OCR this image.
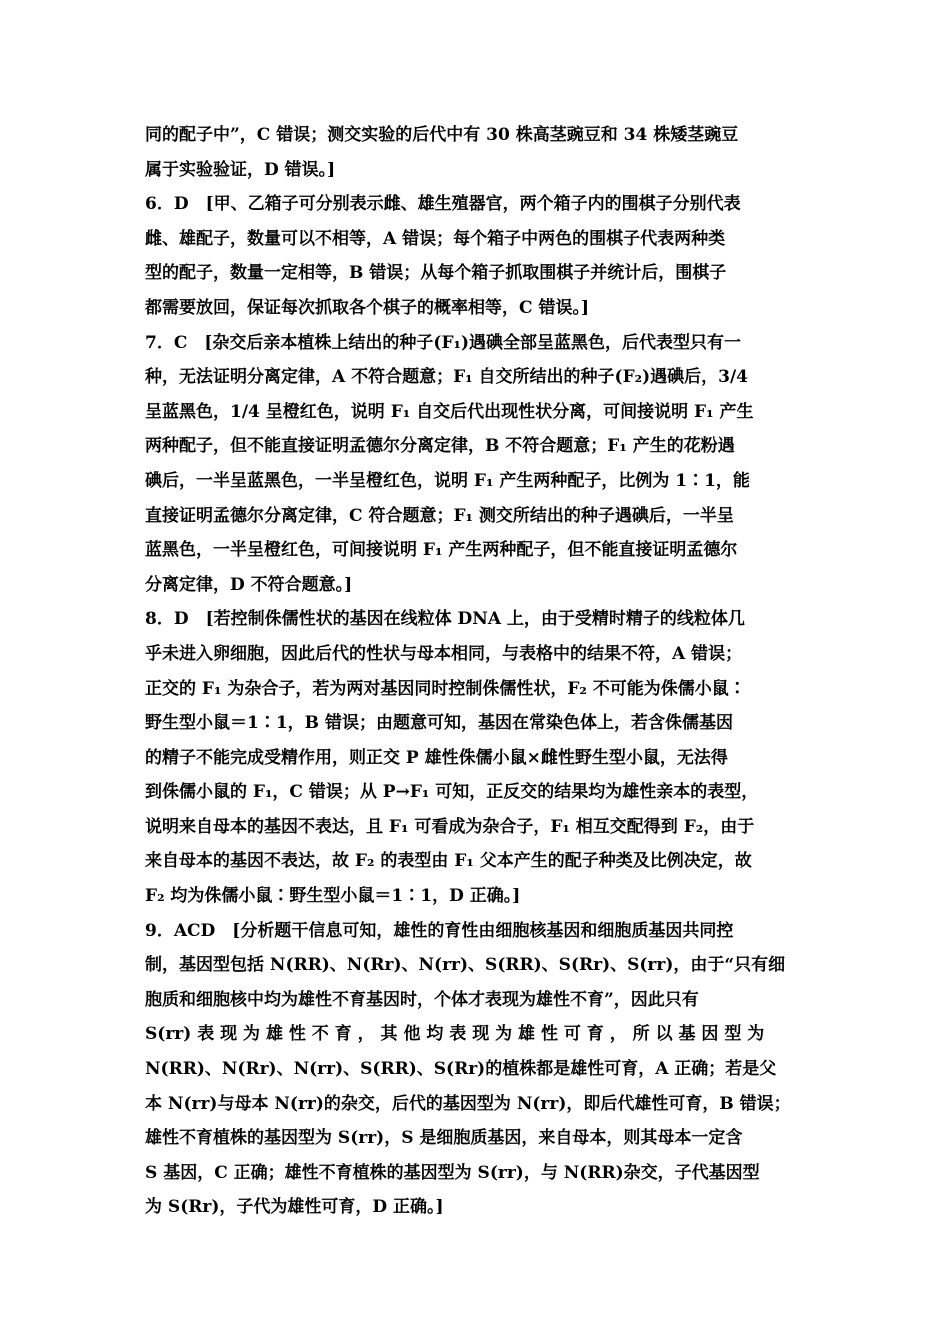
同的配子中”，C 错误；测交实验的后代中有 30 株高茎豌豆和 34 株矮茎豌豆
属于实验验证，D 错误。]
6．D　[甲、乙箱子可分别表示雌、雄生殖器官，两个箱子内的围棋子分别代表
雌、雄配子，数量可以不相等，A 错误；每个箱子中两色的围棋子代表两种类
型的配子，数量一定相等，B 错误；从每个箱子抓取围棋子并统计后，围棋子
都需要放回，保证每次抓取各个棋子的概率相等，C 错误。]
7．C　[杂交后亲本植株上结出的种子(F₁)遇碘全部呈蓝黑色，后代表型只有一
种，无法证明分离定律，A 不符合题意；F₁ 自交所结出的种子(F₂)遇碘后，3/4
呈蓝黑色，1/4 呈橙红色，说明 F₁ 自交后代出现性状分离，可间接说明 F₁ 产生
两种配子，但不能直接证明孟德尔分离定律，B 不符合题意；F₁ 产生的花粉遇
碘后，一半呈蓝黑色，一半呈橙红色，说明 F₁ 产生两种配子，比例为 1∶1，能
直接证明孟德尔分离定律，C 符合题意；F₁ 测交所结出的种子遇碘后，一半呈
蓝黑色，一半呈橙红色，可间接说明 F₁ 产生两种配子，但不能直接证明孟德尔
分离定律，D 不符合题意。]
8．D　[若控制侏儒性状的基因在线粒体 DNA 上，由于受精时精子的线粒体几
乎未进入卵细胞，因此后代的性状与母本相同，与表格中的结果不符，A 错误；
正交的 F₁ 为杂合子，若为两对基因同时控制侏儒性状，F₂ 不可能为侏儒小鼠∶
野生型小鼠＝1∶1，B 错误；由题意可知，基因在常染色体上，若含侏儒基因
的精子不能完成受精作用，则正交 P 雄性侏儒小鼠×雌性野生型小鼠，无法得
到侏儒小鼠的 F₁，C 错误；从 P→F₁ 可知，正反交的结果均为雄性亲本的表型，
说明来自母本的基因不表达，且 F₁ 可看成为杂合子，F₁ 相互交配得到 F₂，由于
来自母本的基因不表达，故 F₂ 的表型由 F₁ 父本产生的配子种类及比例决定，故
F₂ 均为侏儒小鼠∶野生型小鼠＝1∶1，D 正确。]
9．ACD　[分析题干信息可知，雄性的育性由细胞核基因和细胞质基因共同控
制，基因型包括 N(RR)、N(Rr)、N(rr)、S(RR)、S(Rr)、S(rr)，由于“只有细
胞质和细胞核中均为雄性不育基因时，个体才表现为雄性不育”，因此只有
S(rr) 表 现 为 雄 性 不 育 ， 其 他 均 表 现 为 雄 性 可 育 ， 所 以 基 因 型 为
N(RR)、N(Rr)、N(rr)、S(RR)、S(Rr)的植株都是雄性可育，A 正确；若是父
本 N(rr)与母本 N(rr)的杂交，后代的基因型为 N(rr)，即后代雄性可育，B 错误；
雄性不育植株的基因型为 S(rr)，S 是细胞质基因，来自母本，则其母本一定含
S 基因，C 正确；雄性不育植株的基因型为 S(rr)，与 N(RR)杂交，子代基因型
为 S(Rr)，子代为雄性可育，D 正确。]
